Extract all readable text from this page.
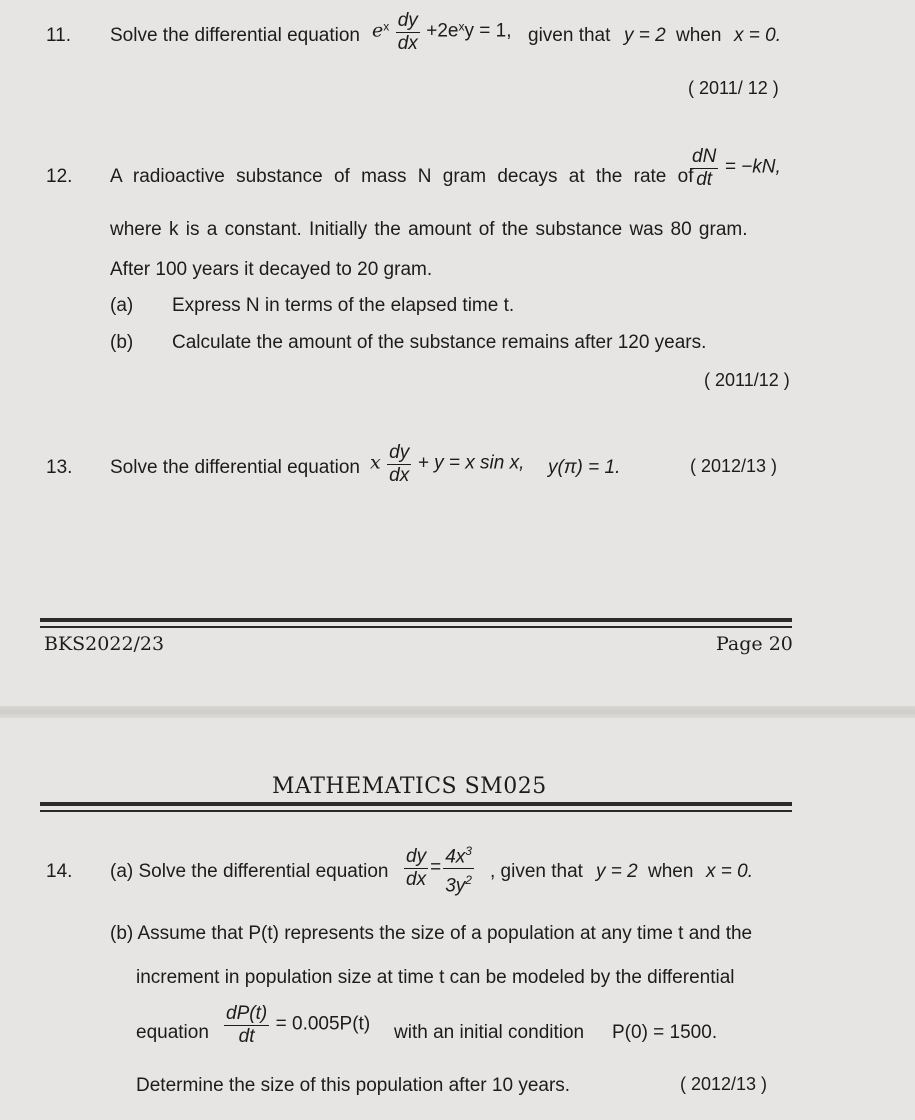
11. Solve the differential equation $e^x \frac{dy}{dx} +2e^xy = 1$, given that y = 2 when x = 0.
( 2011/ 12 )
12. A radioactive substance of mass N gram decays at the rate of
$\frac{dN}{dt} = -kN$,
where k is a constant. Initially the amount of the substance was 80 gram.
After 100 years it decayed to 20 gram.
(a) Express N in terms of the elapsed time t.
(b) Calculate the amount of the substance remains after 120 years.
( 2011/12 )
13. Solve the differential equation x $\frac{dy}{dx} + y = x$ sin x, y(π) = 1.	( 2012/13 )
BKS2022/23	Page 20
MATHEMATICS SM025
14. (a) Solve the differential equation $\frac{dy}{dx} = \frac{4x^3}{3y^2}$ , given that y = 2 when x = 0.
(b) Assume that P(t) represents the size of a population at any time t and the
increment in population size at time t can be modeled by the differential
equation $\frac{dP(t)}{dt} = 0.005P(t)$ with an initial condition P(0) = 1500.
Determine the size of this population after 10 years.	( 2012/13 )
